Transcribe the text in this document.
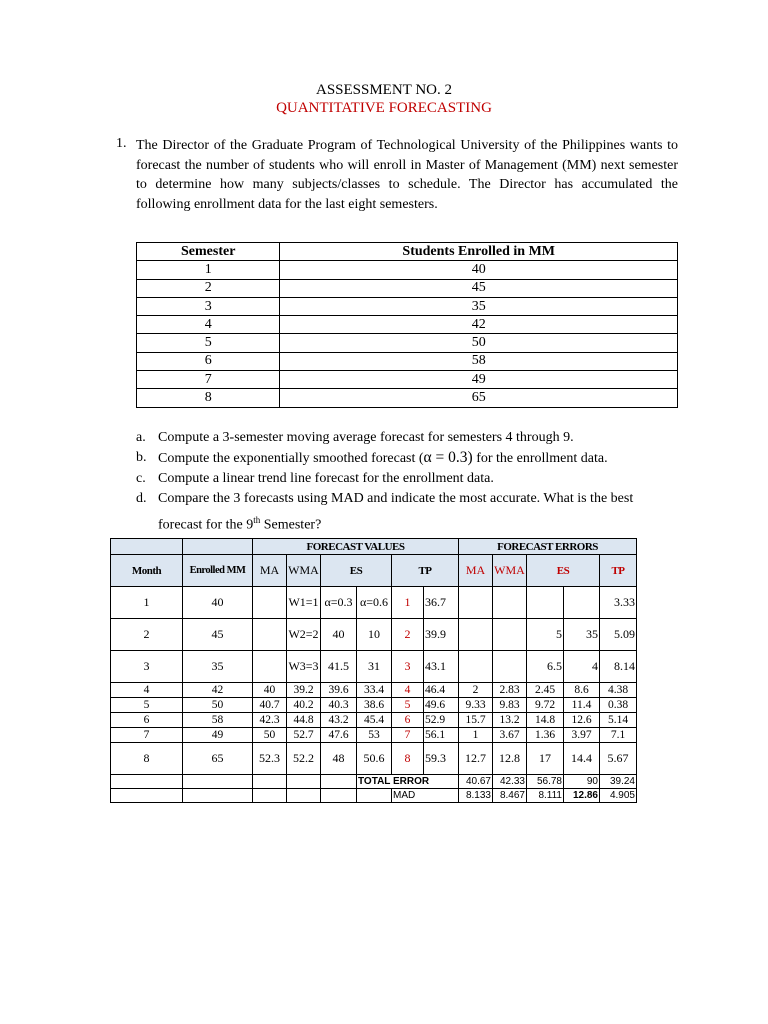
ASSESSMENT NO. 2
QUANTITATIVE FORECASTING
1. The Director of the Graduate Program of Technological University of the Philippines wants to forecast the number of students who will enroll in Master of Management (MM) next semester to determine how many subjects/classes to schedule. The Director has accumulated the following enrollment data for the last eight semesters.
Semester	Students Enrolled in MM
1	40
2	45
3	35
4	42
5	50
6	58
7	49
8	65
a. Compute a 3-semester moving average forecast for semesters 4 through 9.
b. Compute the exponentially smoothed forecast (α = 0.3) for the enrollment data.
c. Compute a linear trend line forecast for the enrollment data.
d. Compare the 3 forecasts using MAD and indicate the most accurate. What is the best forecast for the 9th Semester?
		FORECAST VALUES						FORECAST ERRORS				
Month	Enrolled MM	MA	WMA	ES		TP		MA	WMA	ES		TP
1	40		W1=1	α=0.3	α=0.6	1	36.7					3.33
2	45		W2=2	40	10	2	39.9			5	35	5.09
3	35		W3=3	41.5	31	3	43.1			6.5	4	8.14
4	42	40	39.2	39.6	33.4	4	46.4	2	2.83	2.45	8.6	4.38
5	50	40.7	40.2	40.3	38.6	5	49.6	9.33	9.83	9.72	11.4	0.38
6	58	42.3	44.8	43.2	45.4	6	52.9	15.7	13.2	14.8	12.6	5.14
7	49	50	52.7	47.6	53	7	56.1	1	3.67	1.36	3.97	7.1
8	65	52.3	52.2	48	50.6	8	59.3	12.7	12.8	17	14.4	5.67
					TOTAL ERROR			40.67	42.33	56.78	90	39.24
						MAD		8.133	8.467	8.111	12.86	4.905
